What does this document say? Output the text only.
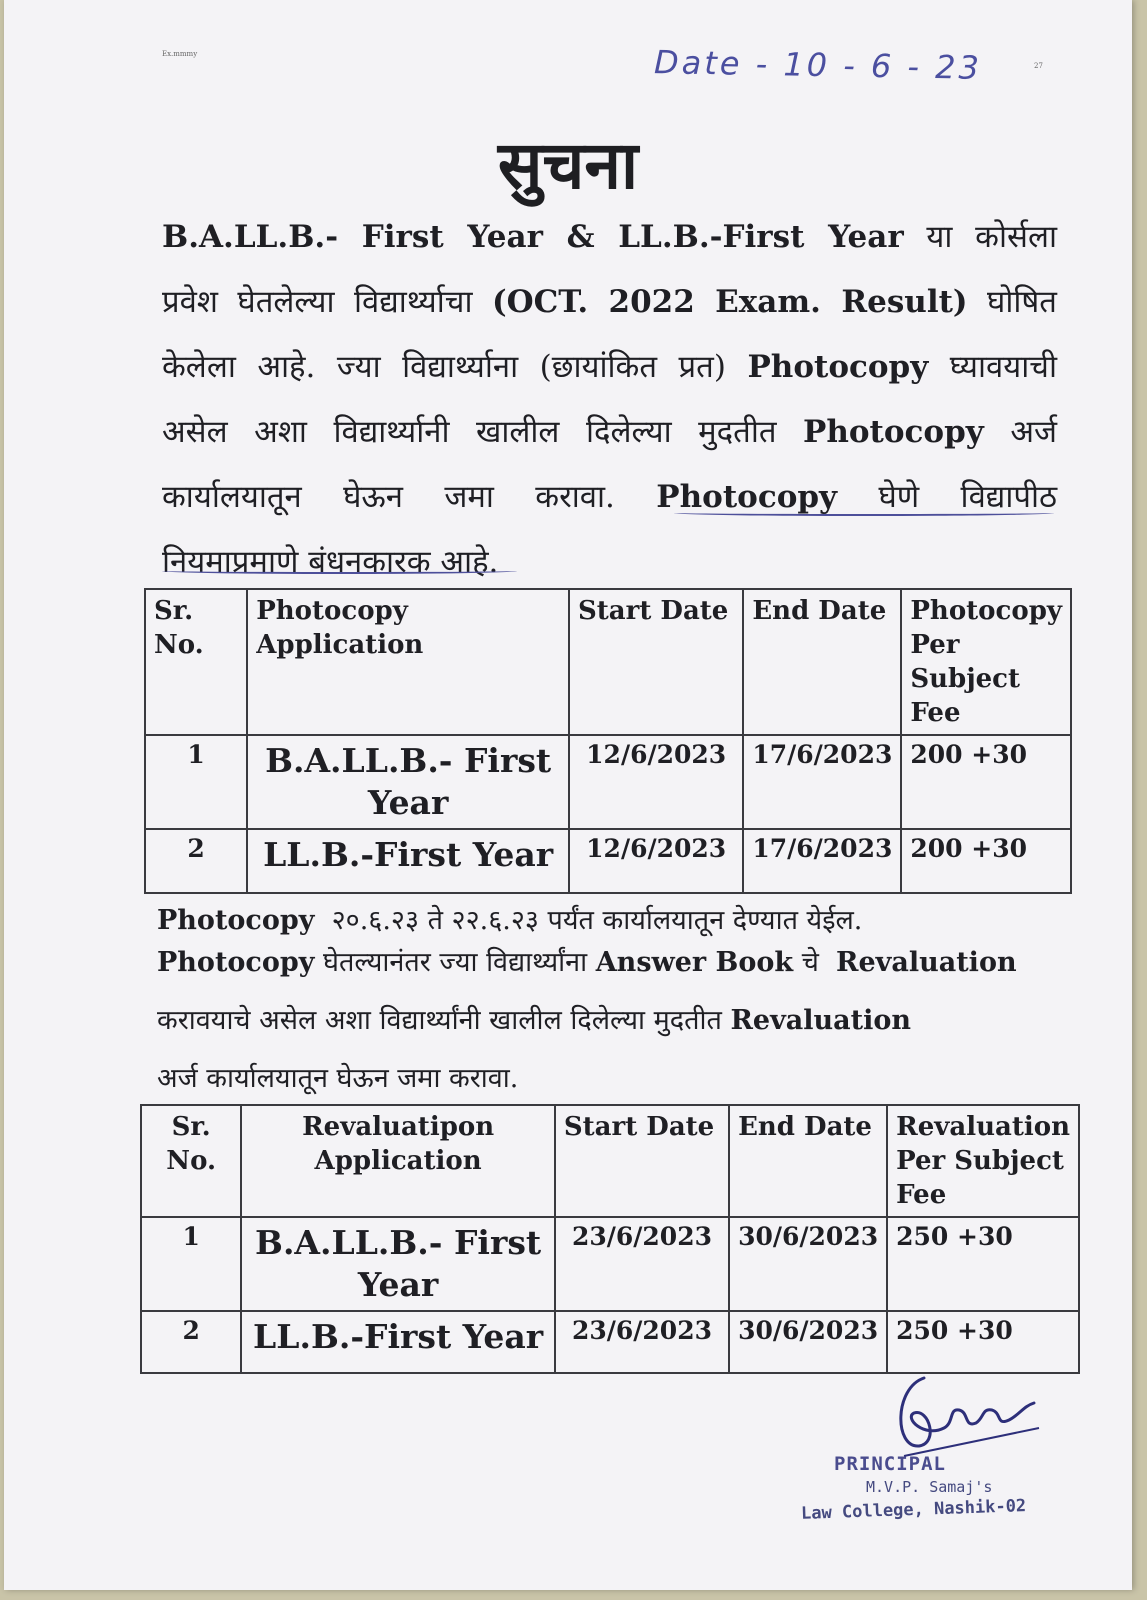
Ex.mmmy
27
Date - 10 - 6 - 23
सुचना
B.A.LL.B.- First Year & LL.B.-First Year या कोर्सला
प्रवेश घेतलेल्या विद्यार्थ्याचा (OCT. 2022 Exam. Result) घोषित
केलेला आहे. ज्या विद्यार्थ्याना (छायांकित प्रत) Photocopy घ्यावयाची
असेल अशा विद्यार्थ्यानी खालील दिलेल्या मुदतीत Photocopy अर्ज
कार्यालयातून घेऊन जमा करावा. Photocopy घेणे विद्यापीठ
नियमाप्रमाणे बंधनकारक आहे.
Sr. No.	Photocopy Application	Start Date	End Date	Photocopy Per Subject Fee
1	B.A.LL.B.- First Year	12/6/2023	17/6/2023	200 +30
2	LL.B.-First Year	12/6/2023	17/6/2023	200 +30
Photocopy २०.६.२३ ते २२.६.२३ पर्यंत कार्यालयातून देण्यात येईल.
Photocopy घेतल्यानंतर ज्या विद्यार्थ्यांना Answer Book चे Revaluation
करावयाचे असेल अशा विद्यार्थ्यांनी खालील दिलेल्या मुदतीत Revaluation
अर्ज कार्यालयातून घेऊन जमा करावा.
Sr. No.	Revaluatipon Application	Start Date	End Date	Revaluation Per Subject Fee
1	B.A.LL.B.- First Year	23/6/2023	30/6/2023	250 +30
2	LL.B.-First Year	23/6/2023	30/6/2023	250 +30
PRINCIPAL
M.V.P. Samaj's
Law College, Nashik-02
